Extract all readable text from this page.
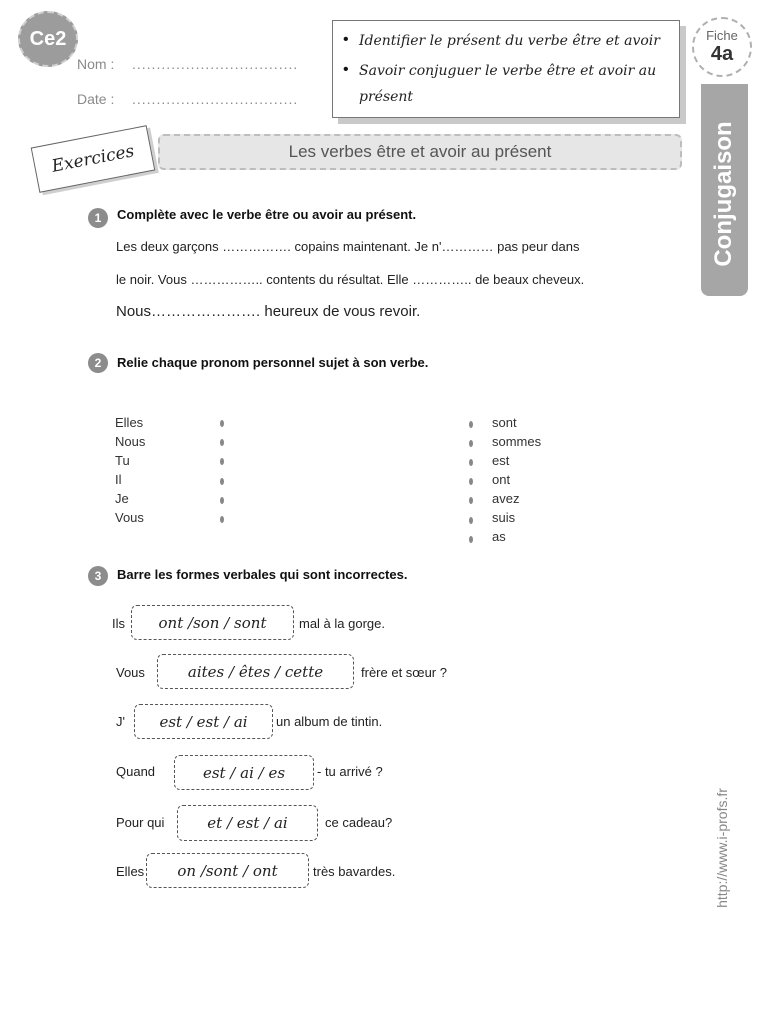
Ce2
Nom : ..................................
Date : ..................................
• Identifier le présent du verbe être et avoir
• Savoir conjuguer le verbe être et avoir au
présent
Fiche
4a
Conjugaison
Exercices	Les verbes être et avoir au présent
1	Complète avec le verbe être ou avoir au présent.
Les deux garçons ……………. copains maintenant. Je n'………… pas peur dans
le noir. Vous …………….. contents du résultat. Elle ………….. de beaux cheveux.
Nous…………………. heureux de vous revoir.
2	Relie chaque pronom personnel sujet à son verbe.
Elles
Nous
Tu
Il
Je
Vous
sont
sommes
est
ont
avez
suis
as
3	Barre les formes verbales qui sont incorrectes.
Ils	ont /son / sont	mal à la gorge.
Vous	aites / êtes / cette	frère et sœur ?
J'	est / est / ai	un album de tintin.
Quand	est / ai / es	- tu arrivé ?
Pour qui	et / est / ai	ce cadeau?
Elles	on /sont / ont	très bavardes.	http://www.i-profs.fr
